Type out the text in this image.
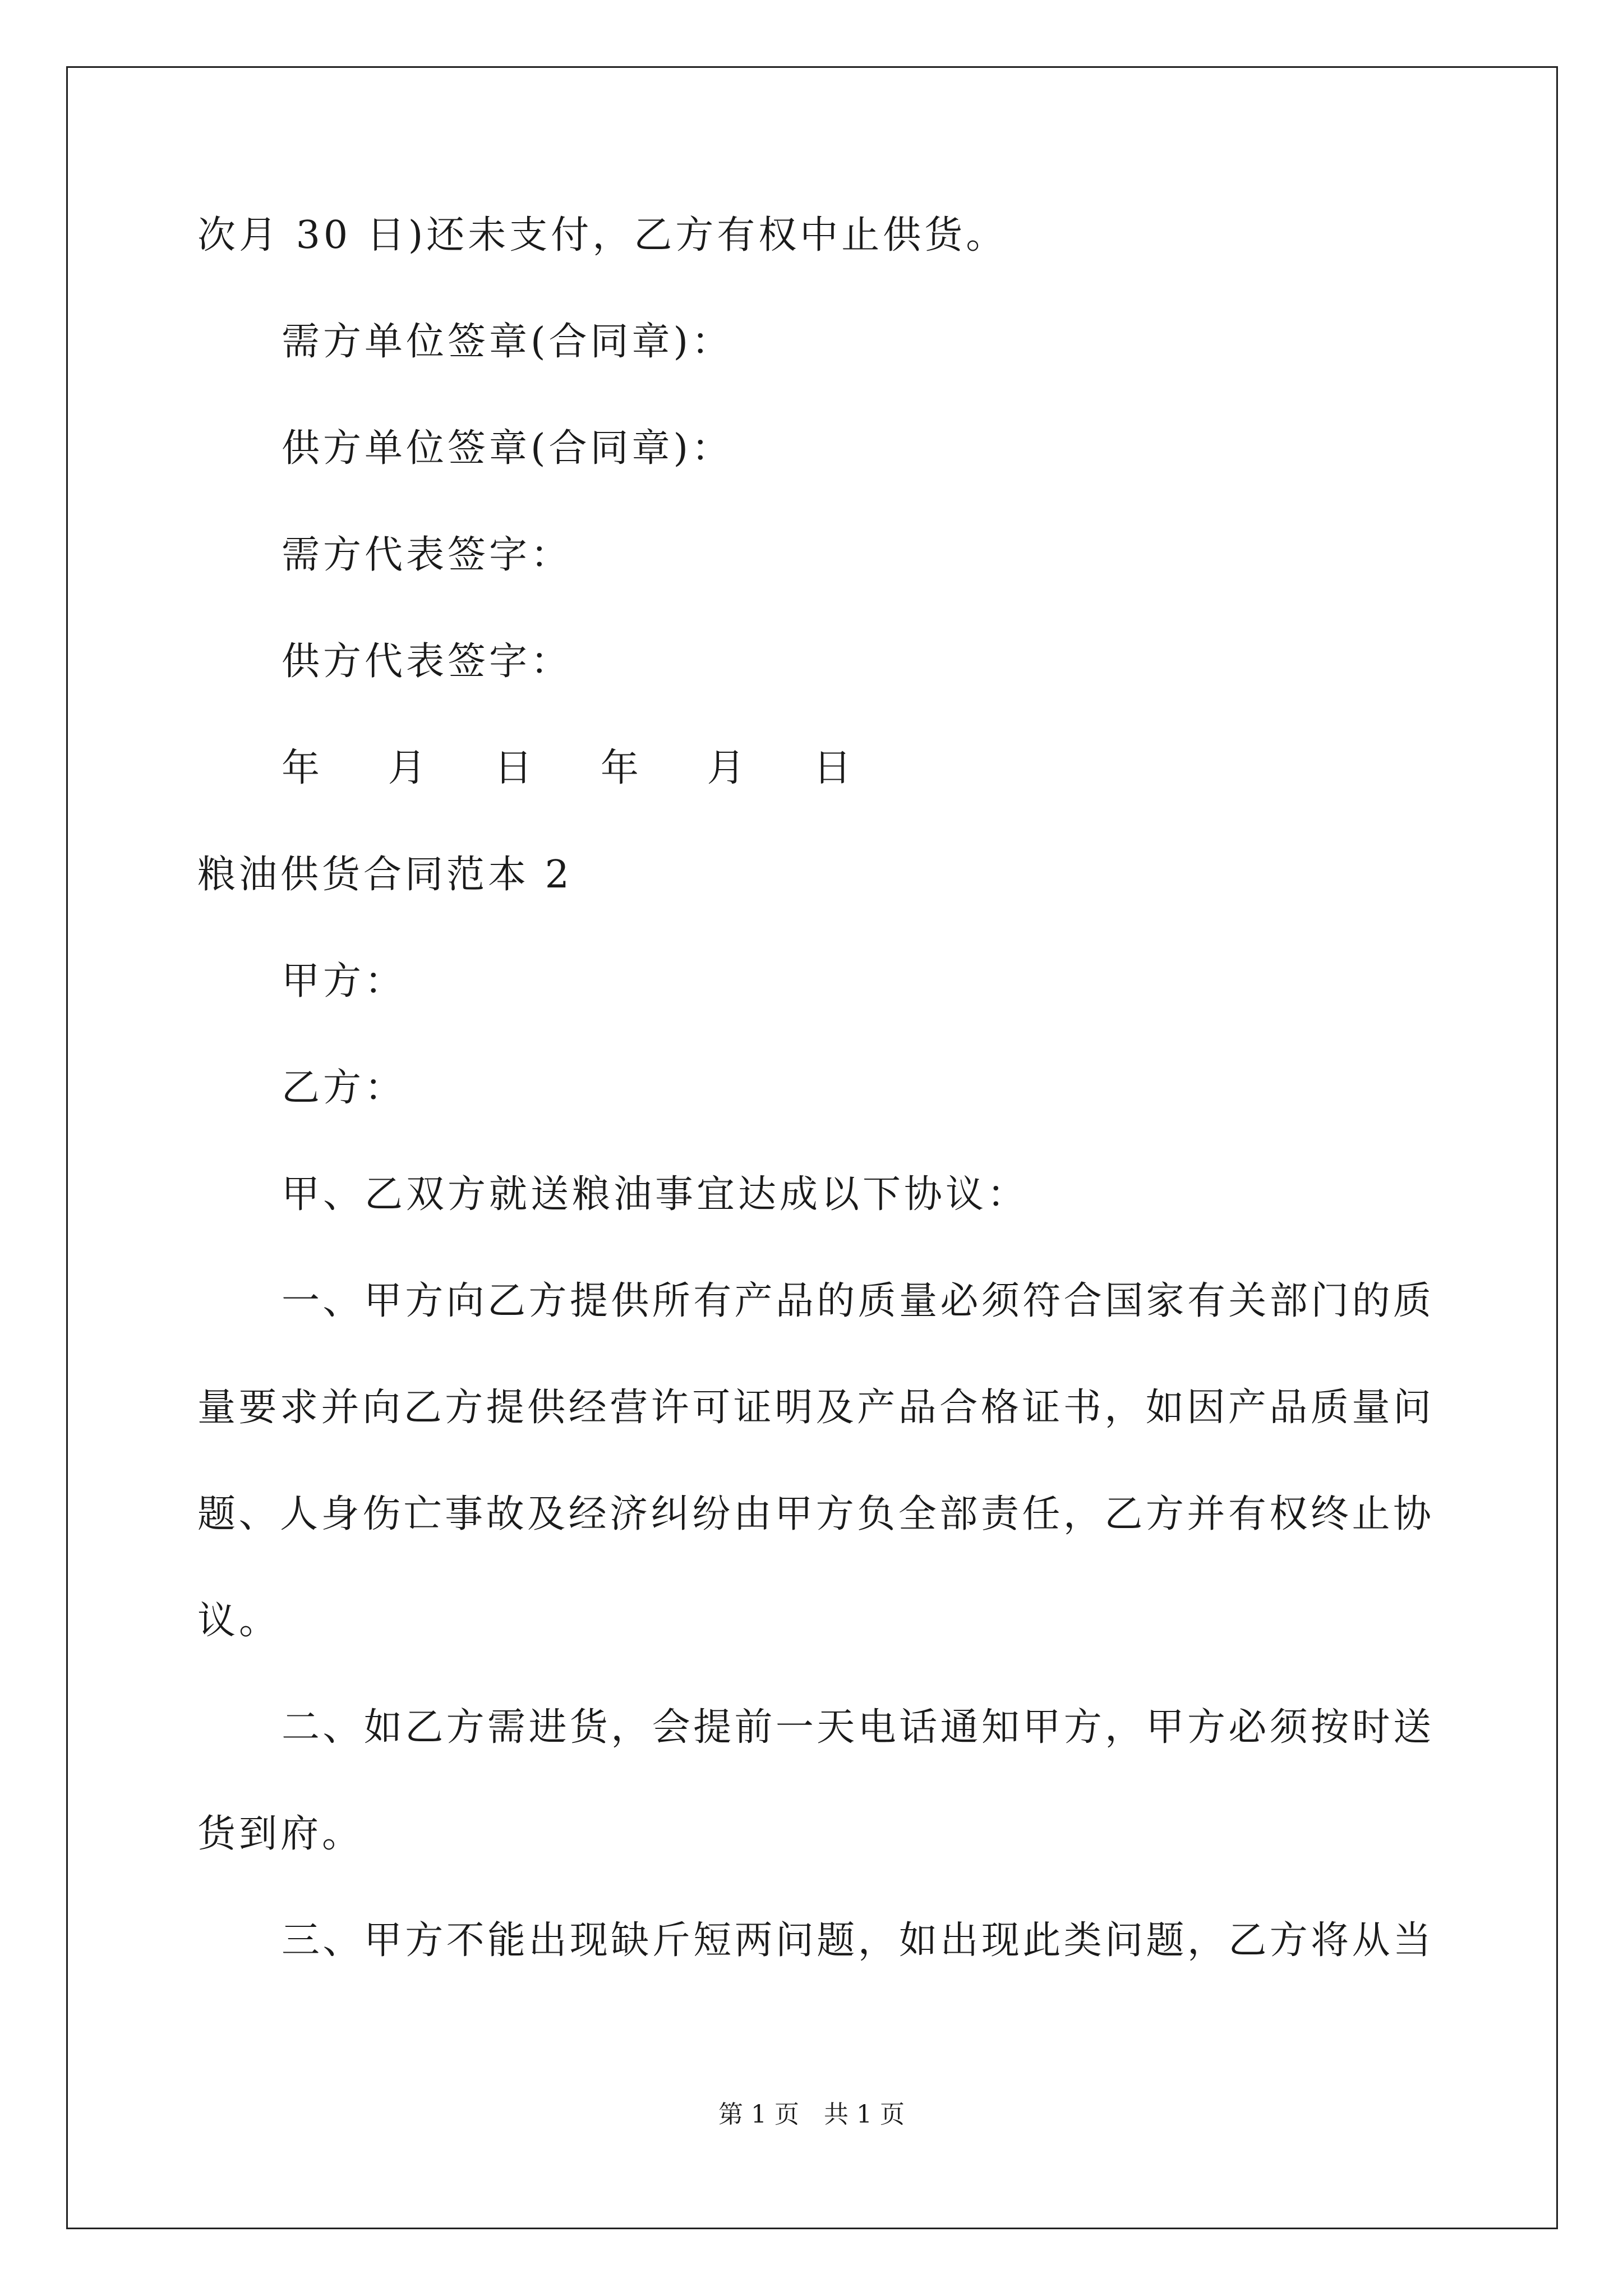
次月 30 日)还未支付，乙方有权中止供货。
需方单位签章(合同章)：
供方单位签章(合同章)：
需方代表签字：
供方代表签字：
年 月 日 年 月 日
粮油供货合同范本 2
甲方：
乙方：
甲、乙双方就送粮油事宜达成以下协议：
一、甲方向乙方提供所有产品的质量必须符合国家有关部门的质
量要求并向乙方提供经营许可证明及产品合格证书，如因产品质量问
题、人身伤亡事故及经济纠纷由甲方负全部责任，乙方并有权终止协
议。
二、如乙方需进货，会提前一天电话通知甲方，甲方必须按时送
货到府。
三、甲方不能出现缺斤短两问题，如出现此类问题，乙方将从当
第 1 页　共 1 页
